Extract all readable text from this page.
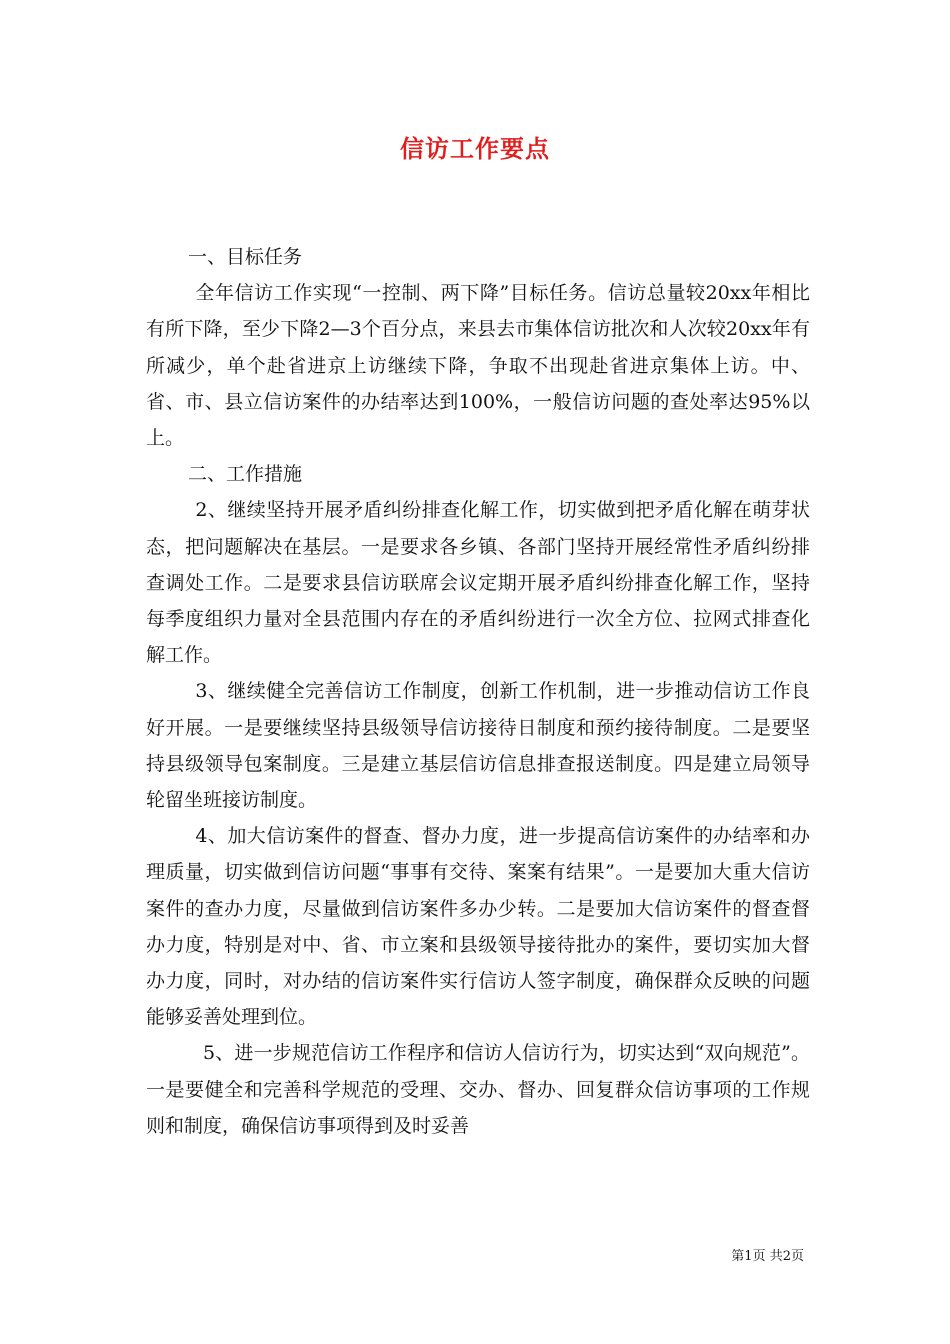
信访工作要点

一、目标任务

全年信访工作实现“一控制、两下降”目标任务。信访总量较20xx年相比有所下降，至少下降2—3个百分点，来县去市集体信访批次和人次较20xx年有所减少，单个赴省进京上访继续下降，争取不出现赴省进京集体上访。中、省、市、县立信访案件的办结率达到100%，一般信访问题的查处率达95%以上。

二、工作措施

2、继续坚持开展矛盾纠纷排查化解工作，切实做到把矛盾化解在萌芽状态，把问题解决在基层。一是要求各乡镇、各部门坚持开展经常性矛盾纠纷排查调处工作。二是要求县信访联席会议定期开展矛盾纠纷排查化解工作，坚持每季度组织力量对全县范围内存在的矛盾纠纷进行一次全方位、拉网式排查化解工作。

3、继续健全完善信访工作制度，创新工作机制，进一步推动信访工作良好开展。一是要继续坚持县级领导信访接待日制度和预约接待制度。二是要坚持县级领导包案制度。三是建立基层信访信息排查报送制度。四是建立局领导轮留坐班接访制度。

4、加大信访案件的督查、督办力度，进一步提高信访案件的办结率和办理质量，切实做到信访问题“事事有交待、案案有结果”。一是要加大重大信访案件的查办力度，尽量做到信访案件多办少转。二是要加大信访案件的督查督办力度，特别是对中、省、市立案和县级领导接待批办的案件，要切实加大督办力度，同时，对办结的信访案件实行信访人签字制度，确保群众反映的问题能够妥善处理到位。

5、进一步规范信访工作程序和信访人信访行为，切实达到“双向规范”。一是要健全和完善科学规范的受理、交办、督办、回复群众信访事项的工作规则和制度，确保信访事项得到及时妥善

第1页 共2页
